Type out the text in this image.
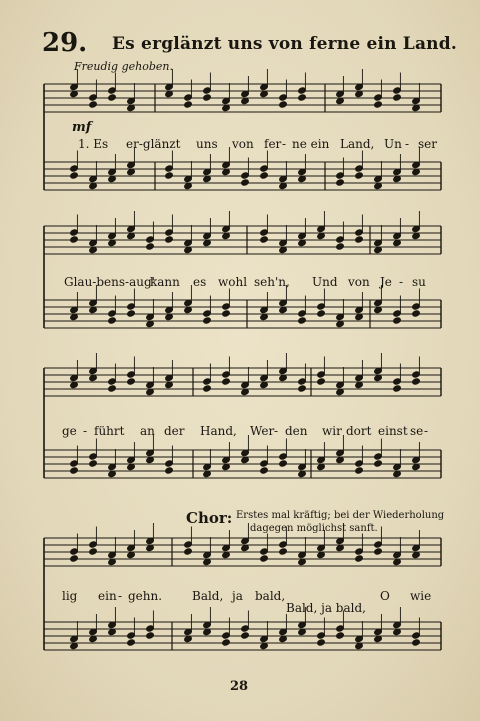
29. Es erglänzt uns von ferne ein Land.
Freudig gehoben.
mf
1. Es er-glänzt uns von fer - ne ein Land, Un - ser
Glau-bens-aug'
kann es wohl seh'n, Und von Je - su
ge - führt an der Hand, Wer - den wir dort einst se -
Chor: Erstes mal kräftig; bei der Wiederholung
dagegen möglichst sanft.
lig ein - gehn. Bald, ja bald,	O wie
Bald, ja bald,
28
